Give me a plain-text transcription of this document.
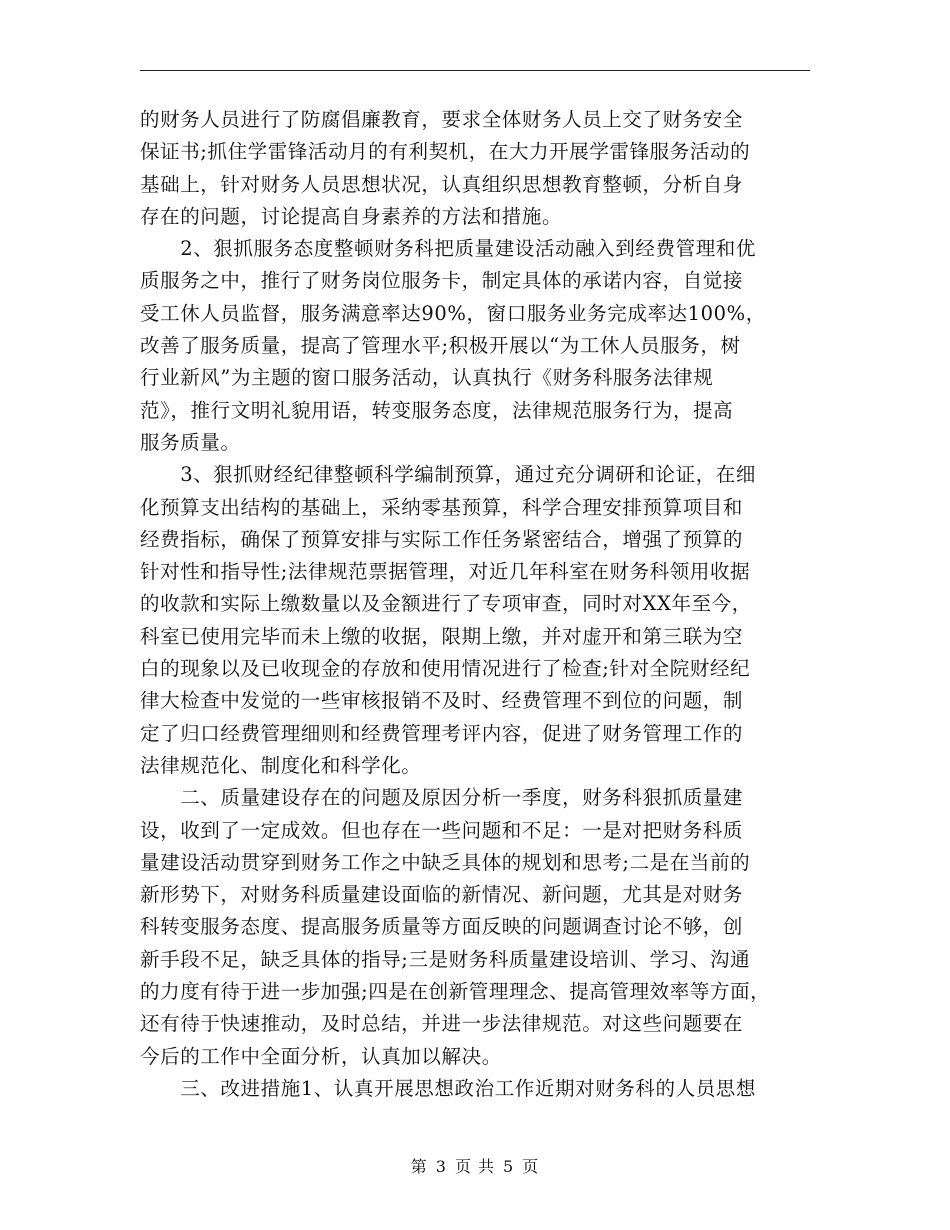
的财务人员进行了防腐倡廉教育，要求全体财务人员上交了财务安全
保证书;抓住学雷锋活动月的有利契机，在大力开展学雷锋服务活动的
基础上，针对财务人员思想状况，认真组织思想教育整顿，分析自身
存在的问题，讨论提高自身素养的方法和措施。
　　2、狠抓服务态度整顿财务科把质量建设活动融入到经费管理和优
质服务之中，推行了财务岗位服务卡，制定具体的承诺内容，自觉接
受工休人员监督，服务满意率达90%，窗口服务业务完成率达100%，
改善了服务质量，提高了管理水平;积极开展以“为工休人员服务，树
行业新风”为主题的窗口服务活动，认真执行《财务科服务法律规
范》，推行文明礼貌用语，转变服务态度，法律规范服务行为，提高
服务质量。
　　3、狠抓财经纪律整顿科学编制预算，通过充分调研和论证，在细
化预算支出结构的基础上，采纳零基预算，科学合理安排预算项目和
经费指标，确保了预算安排与实际工作任务紧密结合，增强了预算的
针对性和指导性;法律规范票据管理，对近几年科室在财务科领用收据
的收款和实际上缴数量以及金额进行了专项审查，同时对XX年至今，
科室已使用完毕而未上缴的收据，限期上缴，并对虚开和第三联为空
白的现象以及已收现金的存放和使用情况进行了检查;针对全院财经纪
律大检查中发觉的一些审核报销不及时、经费管理不到位的问题，制
定了归口经费管理细则和经费管理考评内容，促进了财务管理工作的
法律规范化、制度化和科学化。
　　二、质量建设存在的问题及原因分析一季度，财务科狠抓质量建
设，收到了一定成效。但也存在一些问题和不足：一是对把财务科质
量建设活动贯穿到财务工作之中缺乏具体的规划和思考;二是在当前的
新形势下，对财务科质量建设面临的新情况、新问题，尤其是对财务
科转变服务态度、提高服务质量等方面反映的问题调查讨论不够，创
新手段不足，缺乏具体的指导;三是财务科质量建设培训、学习、沟通
的力度有待于进一步加强;四是在创新管理理念、提高管理效率等方面，
还有待于快速推动，及时总结，并进一步法律规范。对这些问题要在
今后的工作中全面分析，认真加以解决。
　　三、改进措施1、认真开展思想政治工作近期对财务科的人员思想
第 3 页 共 5 页
